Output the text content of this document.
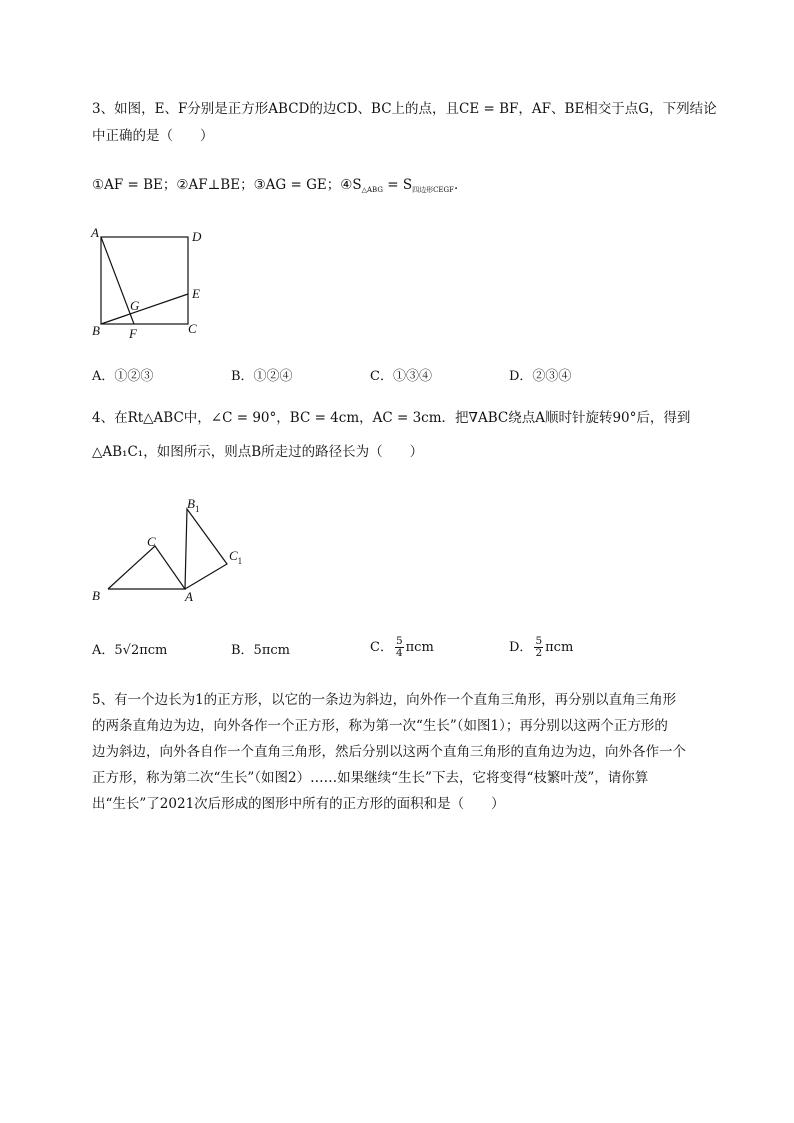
3、如图，E、F分别是正方形ABCD的边CD、BC上的点，且CE = BF，AF、BE相交于点G，下列结论
中正确的是（　　）
①AF = BE；②AF⊥BE；③AG = GE；$④S_{\triangle ABG} = S_{四边形CEGF}$．
A	D
E
G
B F	C
A．①②③	B．①②④	C．①③④	D．②③④
4、在Rt△ABC中，∠C = 90°，BC = 4cm，AC = 3cm．把∇ABC绕点A顺时针旋转90°后，得到
△AB₁C₁，如图所示，则点B所走过的路径长为（　　）
B
C
A
$B_1$
$C_1$
A．5√2πcm	B．5πcm	C． $\frac{5}{4}$ πcm	D． $\frac{5}{2}$ πcm
5、有一个边长为1的正方形，以它的一条边为斜边，向外作一个直角三角形，再分别以直角三角形
的两条直角边为边，向外各作一个正方形，称为第一次“生长”（如图1）；再分别以这两个正方形的
边为斜边，向外各自作一个直角三角形，然后分别以这两个直角三角形的直角边为边，向外各作一个
正方形，称为第二次“生长”（如图2）……如果继续“生长”下去，它将变得“枝繁叶茂”，请你算
出“生长”了2021次后形成的图形中所有的正方形的面积和是（　　）
